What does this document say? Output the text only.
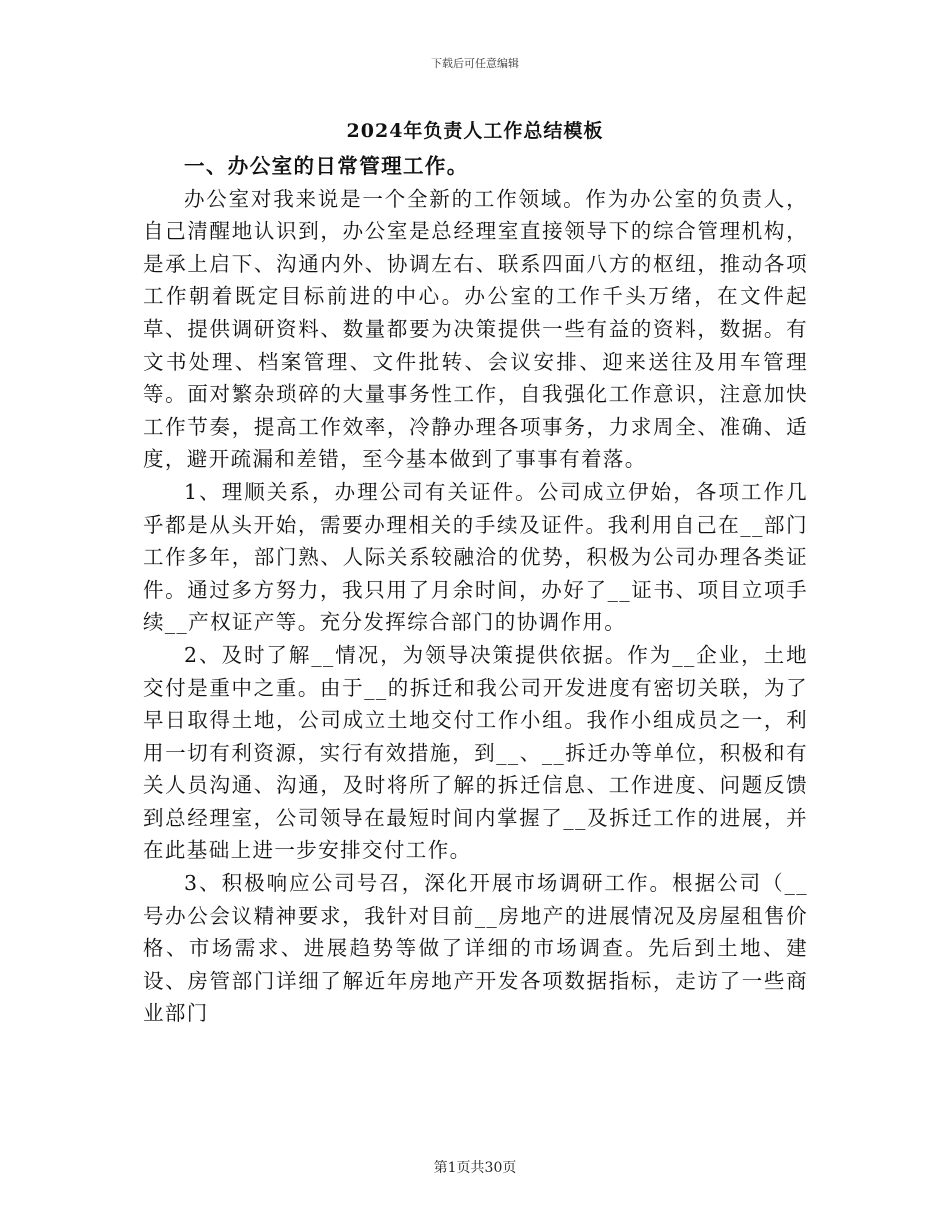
下载后可任意编辑
2024年负责人工作总结模板

一、办公室的日常管理工作。

办公室对我来说是一个全新的工作领域。作为办公室的负责人，自己清醒地认识到，办公室是总经理室直接领导下的综合管理机构，是承上启下、沟通内外、协调左右、联系四面八方的枢纽，推动各项工作朝着既定目标前进的中心。办公室的工作千头万绪，在文件起草、提供调研资料、数量都要为决策提供一些有益的资料，数据。有文书处理、档案管理、文件批转、会议安排、迎来送往及用车管理等。面对繁杂琐碎的大量事务性工作，自我强化工作意识，注意加快工作节奏，提高工作效率，冷静办理各项事务，力求周全、准确、适度，避开疏漏和差错，至今基本做到了事事有着落。

1、理顺关系，办理公司有关证件。公司成立伊始，各项工作几乎都是从头开始，需要办理相关的手续及证件。我利用自己在__部门工作多年，部门熟、人际关系较融洽的优势，积极为公司办理各类证件。通过多方努力，我只用了月余时间，办好了__证书、项目立项手续__产权证产等。充分发挥综合部门的协调作用。

2、及时了解__情况，为领导决策提供依据。作为__企业，土地交付是重中之重。由于__的拆迁和我公司开发进度有密切关联，为了早日取得土地，公司成立土地交付工作小组。我作小组成员之一，利用一切有利资源，实行有效措施，到__、__拆迁办等单位，积极和有关人员沟通、沟通，及时将所了解的拆迁信息、工作进度、问题反馈到总经理室，公司领导在最短时间内掌握了__及拆迁工作的进展，并在此基础上进一步安排交付工作。

3、积极响应公司号召，深化开展市场调研工作。根据公司（__号办公会议精神要求，我针对目前__房地产的进展情况及房屋租售价格、市场需求、进展趋势等做了详细的市场调查。先后到土地、建设、房管部门详细了解近年房地产开发各项数据指标，走访了一些商业部门

第1页共30页
